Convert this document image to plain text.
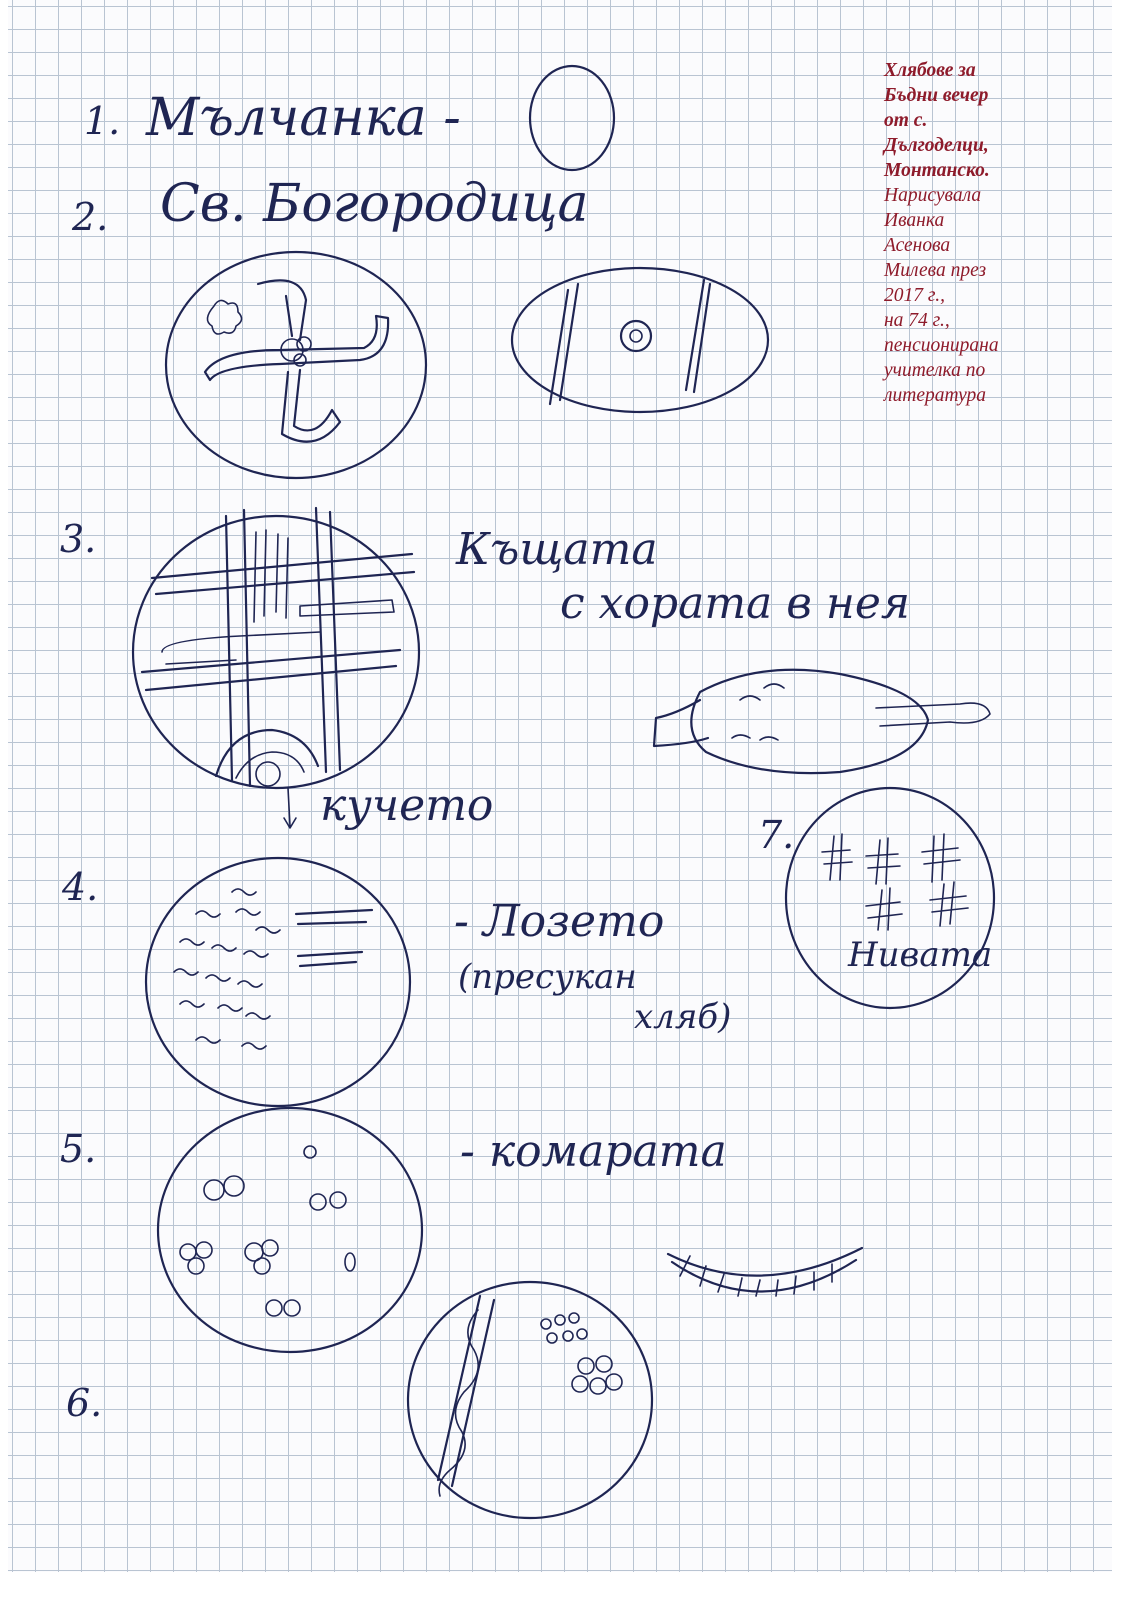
1. Мълчанка -

2. Св. Богородица

3.	Къщата

с хората в нея

кучето

4.

- Лозето

(пресукан

хляб)

5.	- комарата

6.

7.

Нивата

Хлябове за
Бъдни вечер
от с.
Дългоделци,
Монтанско.
Нарисувала
Иванка
Асенова
Милева през
2017 г.,
на 74 г.,
пенсионирана
учителка по
литература
